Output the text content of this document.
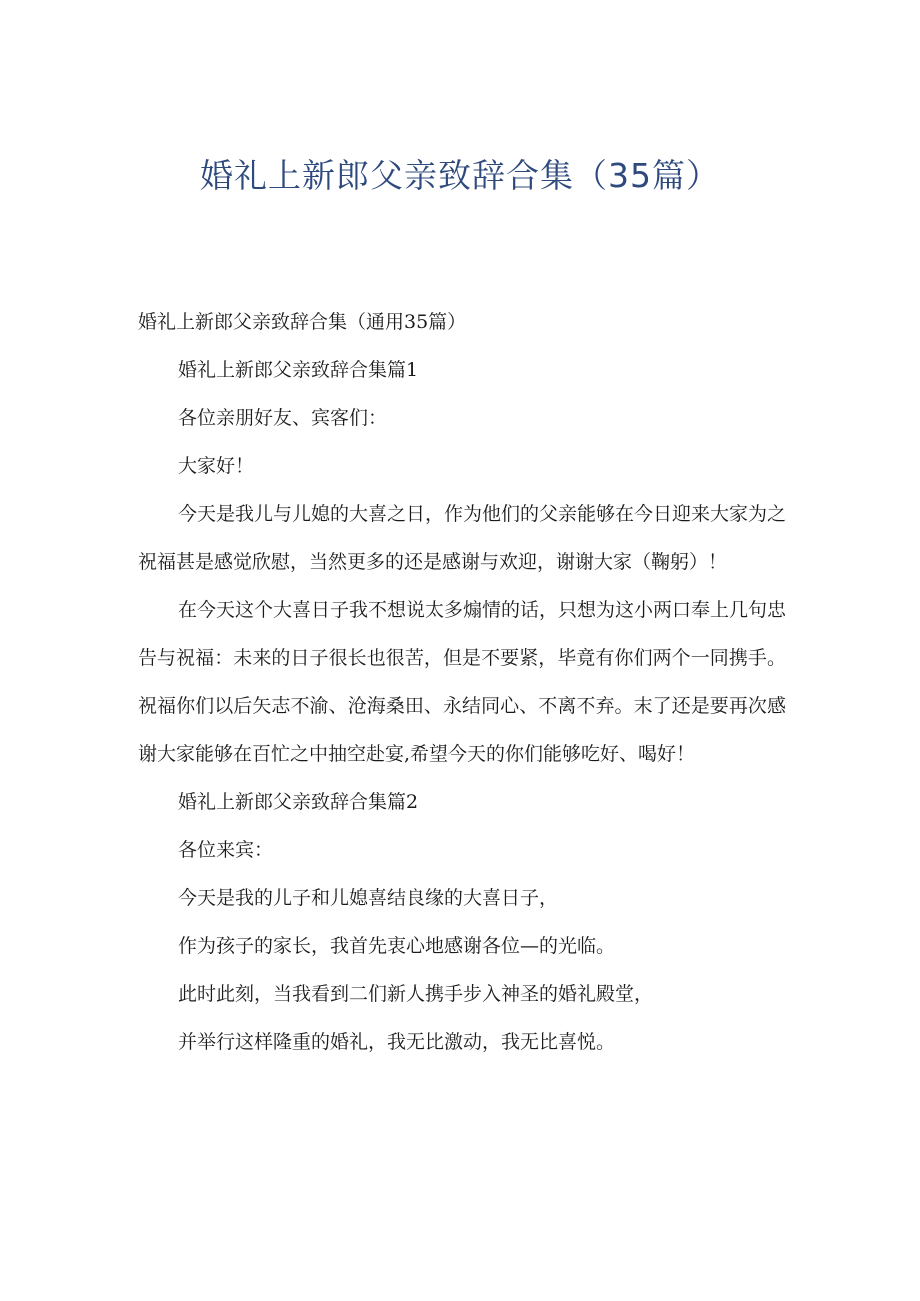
婚礼上新郎父亲致辞合集（35篇）

婚礼上新郎父亲致辞合集（通用35篇）

婚礼上新郎父亲致辞合集篇1

各位亲朋好友、宾客们：

大家好！

今天是我儿与儿媳的大喜之日，作为他们的父亲能够在今日迎来大家为之祝福甚是感觉欣慰，当然更多的还是感谢与欢迎，谢谢大家（鞠躬）！

在今天这个大喜日子我不想说太多煽情的话，只想为这小两口奉上几句忠告与祝福：未来的日子很长也很苦，但是不要紧，毕竟有你们两个一同携手。祝福你们以后矢志不渝、沧海桑田、永结同心、不离不弃。末了还是要再次感谢大家能够在百忙之中抽空赴宴,希望今天的你们能够吃好、喝好！

婚礼上新郎父亲致辞合集篇2

各位来宾：

今天是我的儿子和儿媳喜结良缘的大喜日子，

作为孩子的家长，我首先衷心地感谢各位—的光临。

此时此刻，当我看到二们新人携手步入神圣的婚礼殿堂，

并举行这样隆重的婚礼，我无比激动，我无比喜悦。
